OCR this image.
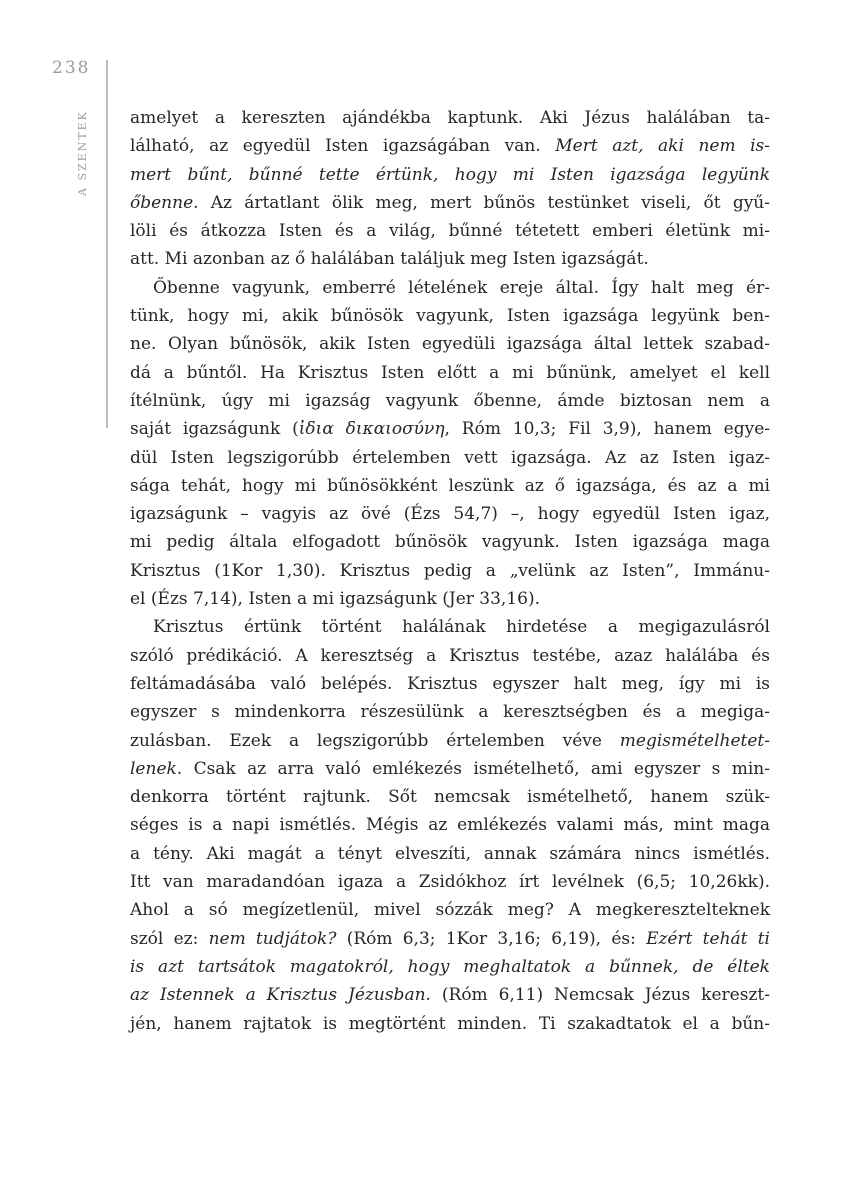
238
A SZENTEK amelyet a kereszten ajándékba kaptunk. Aki Jézus halálában ta-
lálható, az egyedül Isten igazságában van. Mert azt, aki nem is-
mert bűnt, bűnné tette értünk, hogy mi Isten igazsága legyünk
őbenne. Az ártatlant ölik meg, mert bűnös testünket viseli, őt gyű-
löli és átkozza Isten és a világ, bűnné tétetett emberi életünk mi-
att. Mi azonban az ő halálában találjuk meg Isten igazságát.
Őbenne vagyunk, emberré lételének ereje által. Így halt meg ér-
tünk, hogy mi, akik bűnösök vagyunk, Isten igazsága legyünk ben-
ne. Olyan bűnösök, akik Isten egyedüli igazsága által lettek szabad-
dá a bűntől. Ha Krisztus Isten előtt a mi bűnünk, amelyet el kell
ítélnünk, úgy mi igazság vagyunk őbenne, ámde biztosan nem a
saját igazságunk (ἰδια δικαιοσύνη, Róm 10,3; Fil 3,9), hanem egye-
dül Isten legszigorúbb értelemben vett igazsága. Az az Isten igaz-
sága tehát, hogy mi bűnösökként leszünk az ő igazsága, és az a mi
igazságunk – vagyis az övé (Ézs 54,7) –, hogy egyedül Isten igaz,
mi pedig általa elfogadott bűnösök vagyunk. Isten igazsága maga
Krisztus (1Kor 1,30). Krisztus pedig a „velünk az Isten”, Immánu-
el (Ézs 7,14), Isten a mi igazságunk (Jer 33,16).
Krisztus értünk történt halálának hirdetése a megigazulásról
szóló prédikáció. A keresztség a Krisztus testébe, azaz halálába és
feltámadásába való belépés. Krisztus egyszer halt meg, így mi is
egyszer s mindenkorra részesülünk a keresztségben és a megiga-
zulásban. Ezek a legszigorúbb értelemben véve megismételhetet-
lenek. Csak az arra való emlékezés ismételhető, ami egyszer s min-
denkorra történt rajtunk. Sőt nemcsak ismételhető, hanem szük-
séges is a napi ismétlés. Mégis az emlékezés valami más, mint maga
a tény. Aki magát a tényt elveszíti, annak számára nincs ismétlés.
Itt van maradandóan igaza a Zsidókhoz írt levélnek (6,5; 10,26kk).
Ahol a só megízetlenül, mivel sózzák meg? A megkeresztelteknek
szól ez: nem tudjátok? (Róm 6,3; 1Kor 3,16; 6,19), és: Ezért tehát ti
is azt tartsátok magatokról, hogy meghaltatok a bűnnek, de éltek
az Istennek a Krisztus Jézusban. (Róm 6,11) Nemcsak Jézus kereszt-
jén, hanem rajtatok is megtörtént minden. Ti szakadtatok el a bűn-
